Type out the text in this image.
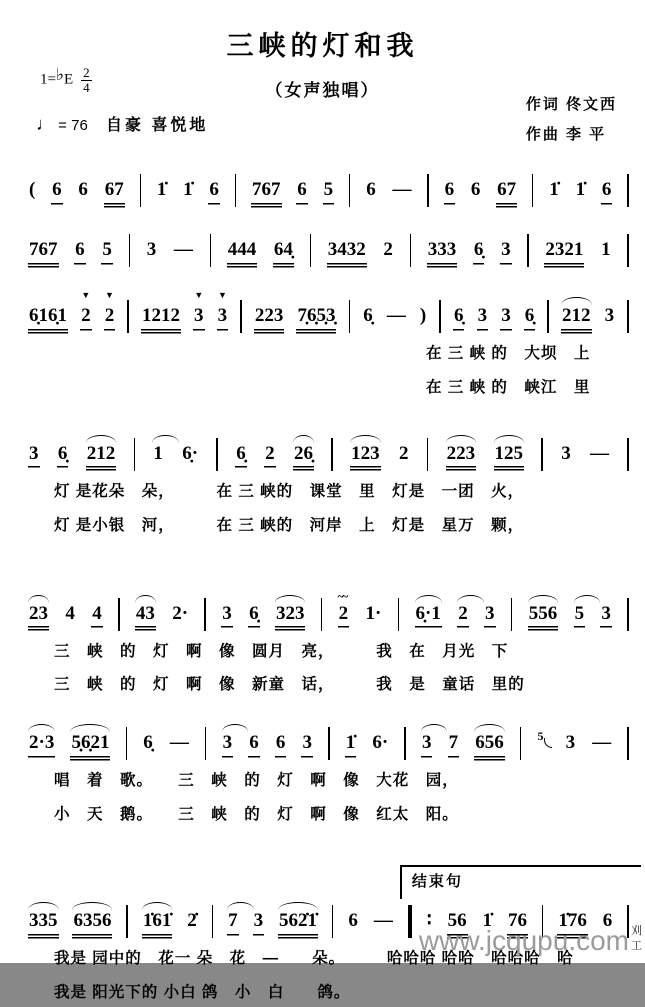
三峡的灯和我
（女声独唱）
1=♭E $\frac{2}{4}$
♩ = 76 自豪 喜悦地
作词 佟文西
作曲 李 平
( 6 6 67 1̇ 1̇ 6 767 6 5 6 — 6 6 67 1̇ 1̇ 6
767 6 5 3 — 444 64̣ 3432 2 333 6̣ 3 2321 1
6̣16̣1 2
▼
2
▼
1212 3
▼
3
▼
223 7̣6̣5̣3̣ 6̣ — ) 6̣ 3 3 6̣ 212 3
在 三 峡 的　大坝　上
在 三 峡 的　峡江　里
3 6̣ 212 1 6̣· 6̣ 2 26̣ 123 2 223 125 3 —
灯 是花朵　朵，　　　在 三 峡的　课堂　里　灯是　一团　火，
灯 是小银　河，　　　在 三 峡的　河岸　上　灯是　星万　颗，
23 4 4 43 2· 3 6̣ 323 2
~~
1· 6̣·1 2 3 556 5 3
三　峡　的　灯　啊　像　圆月　亮，　　　我　在　月光　下
三　峡　的　灯　啊　像　新童　话，　　　我　是　童话　里的
2·3 5̣6̣21 6̣ — 3 6 6 3 1̇ 6· 3 7 656	5	3 —
唱　着　歌。　　三　峡　的　灯　啊　像　大花　园，
小　天　鹅。　　三　峡　的　灯　啊　像　红太　阳。
结束句
335 6356 1̇61̇ 2̇ 7 3 562̇1̇ 6 — ∶ 56 1̇ 76 1̇76 6
我是 园中的　花一 朵　花　—　　朵。　　　哈哈哈 哈哈　哈哈哈　哈
我是 阳光下的 小白 鸽　小　白　　鸽。
www.jcqupu.com 刈工
